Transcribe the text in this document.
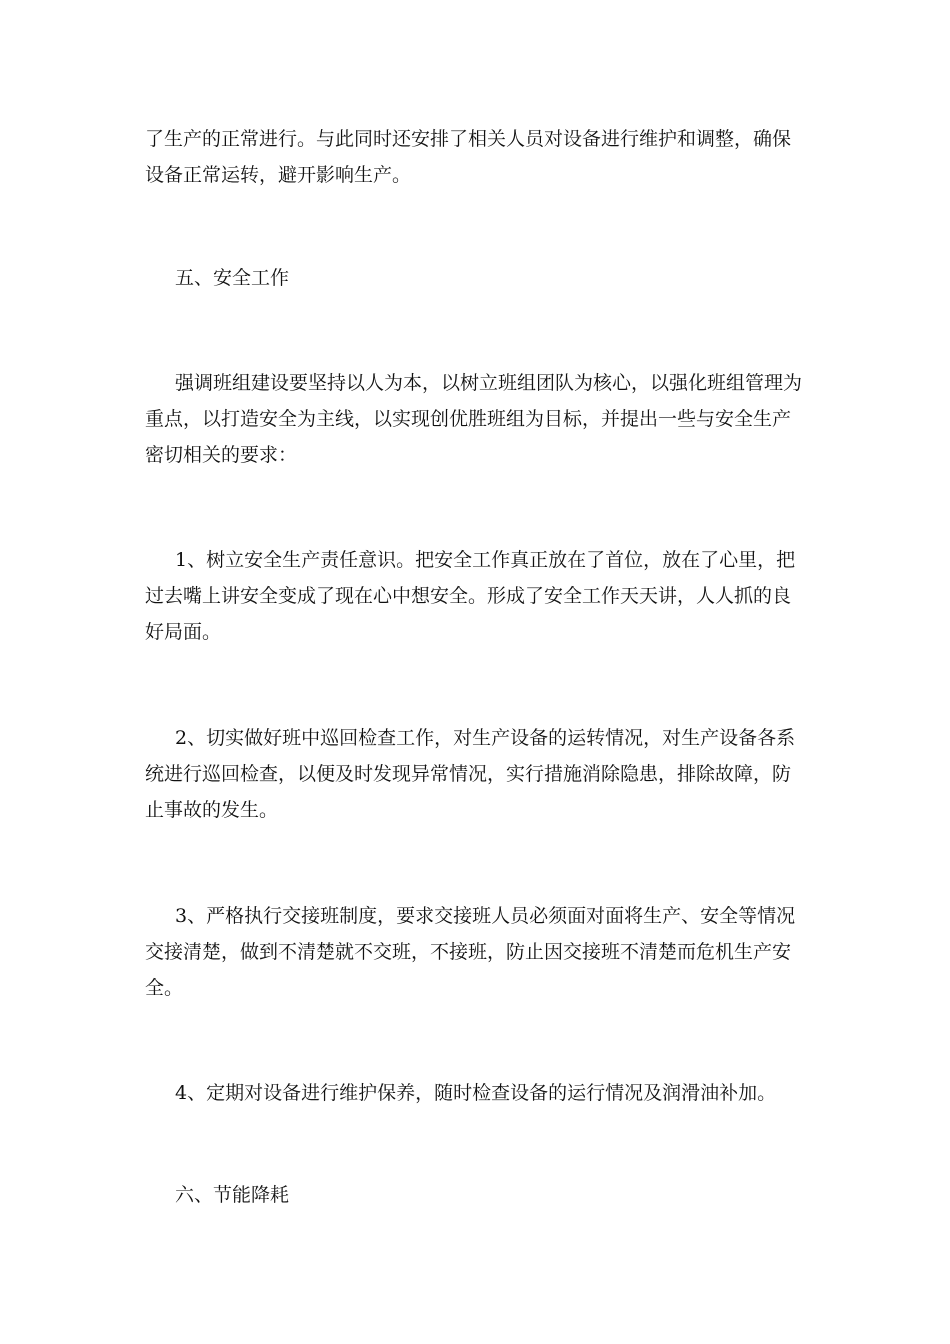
了生产的正常进行。与此同时还安排了相关人员对设备进行维护和调整，确保
设备正常运转，避开影响生产。

五、安全工作

强调班组建设要坚持以人为本，以树立班组团队为核心，以强化班组管理为
重点，以打造安全为主线，以实现创优胜班组为目标，并提出一些与安全生产
密切相关的要求：

1、树立安全生产责任意识。把安全工作真正放在了首位，放在了心里，把
过去嘴上讲安全变成了现在心中想安全。形成了安全工作天天讲，人人抓的良
好局面。

2、切实做好班中巡回检查工作，对生产设备的运转情况，对生产设备各系
统进行巡回检查，以便及时发现异常情况，实行措施消除隐患，排除故障，防
止事故的发生。

3、严格执行交接班制度，要求交接班人员必须面对面将生产、安全等情况
交接清楚，做到不清楚就不交班，不接班，防止因交接班不清楚而危机生产安
全。

4、定期对设备进行维护保养，随时检查设备的运行情况及润滑油补加。

六、节能降耗
